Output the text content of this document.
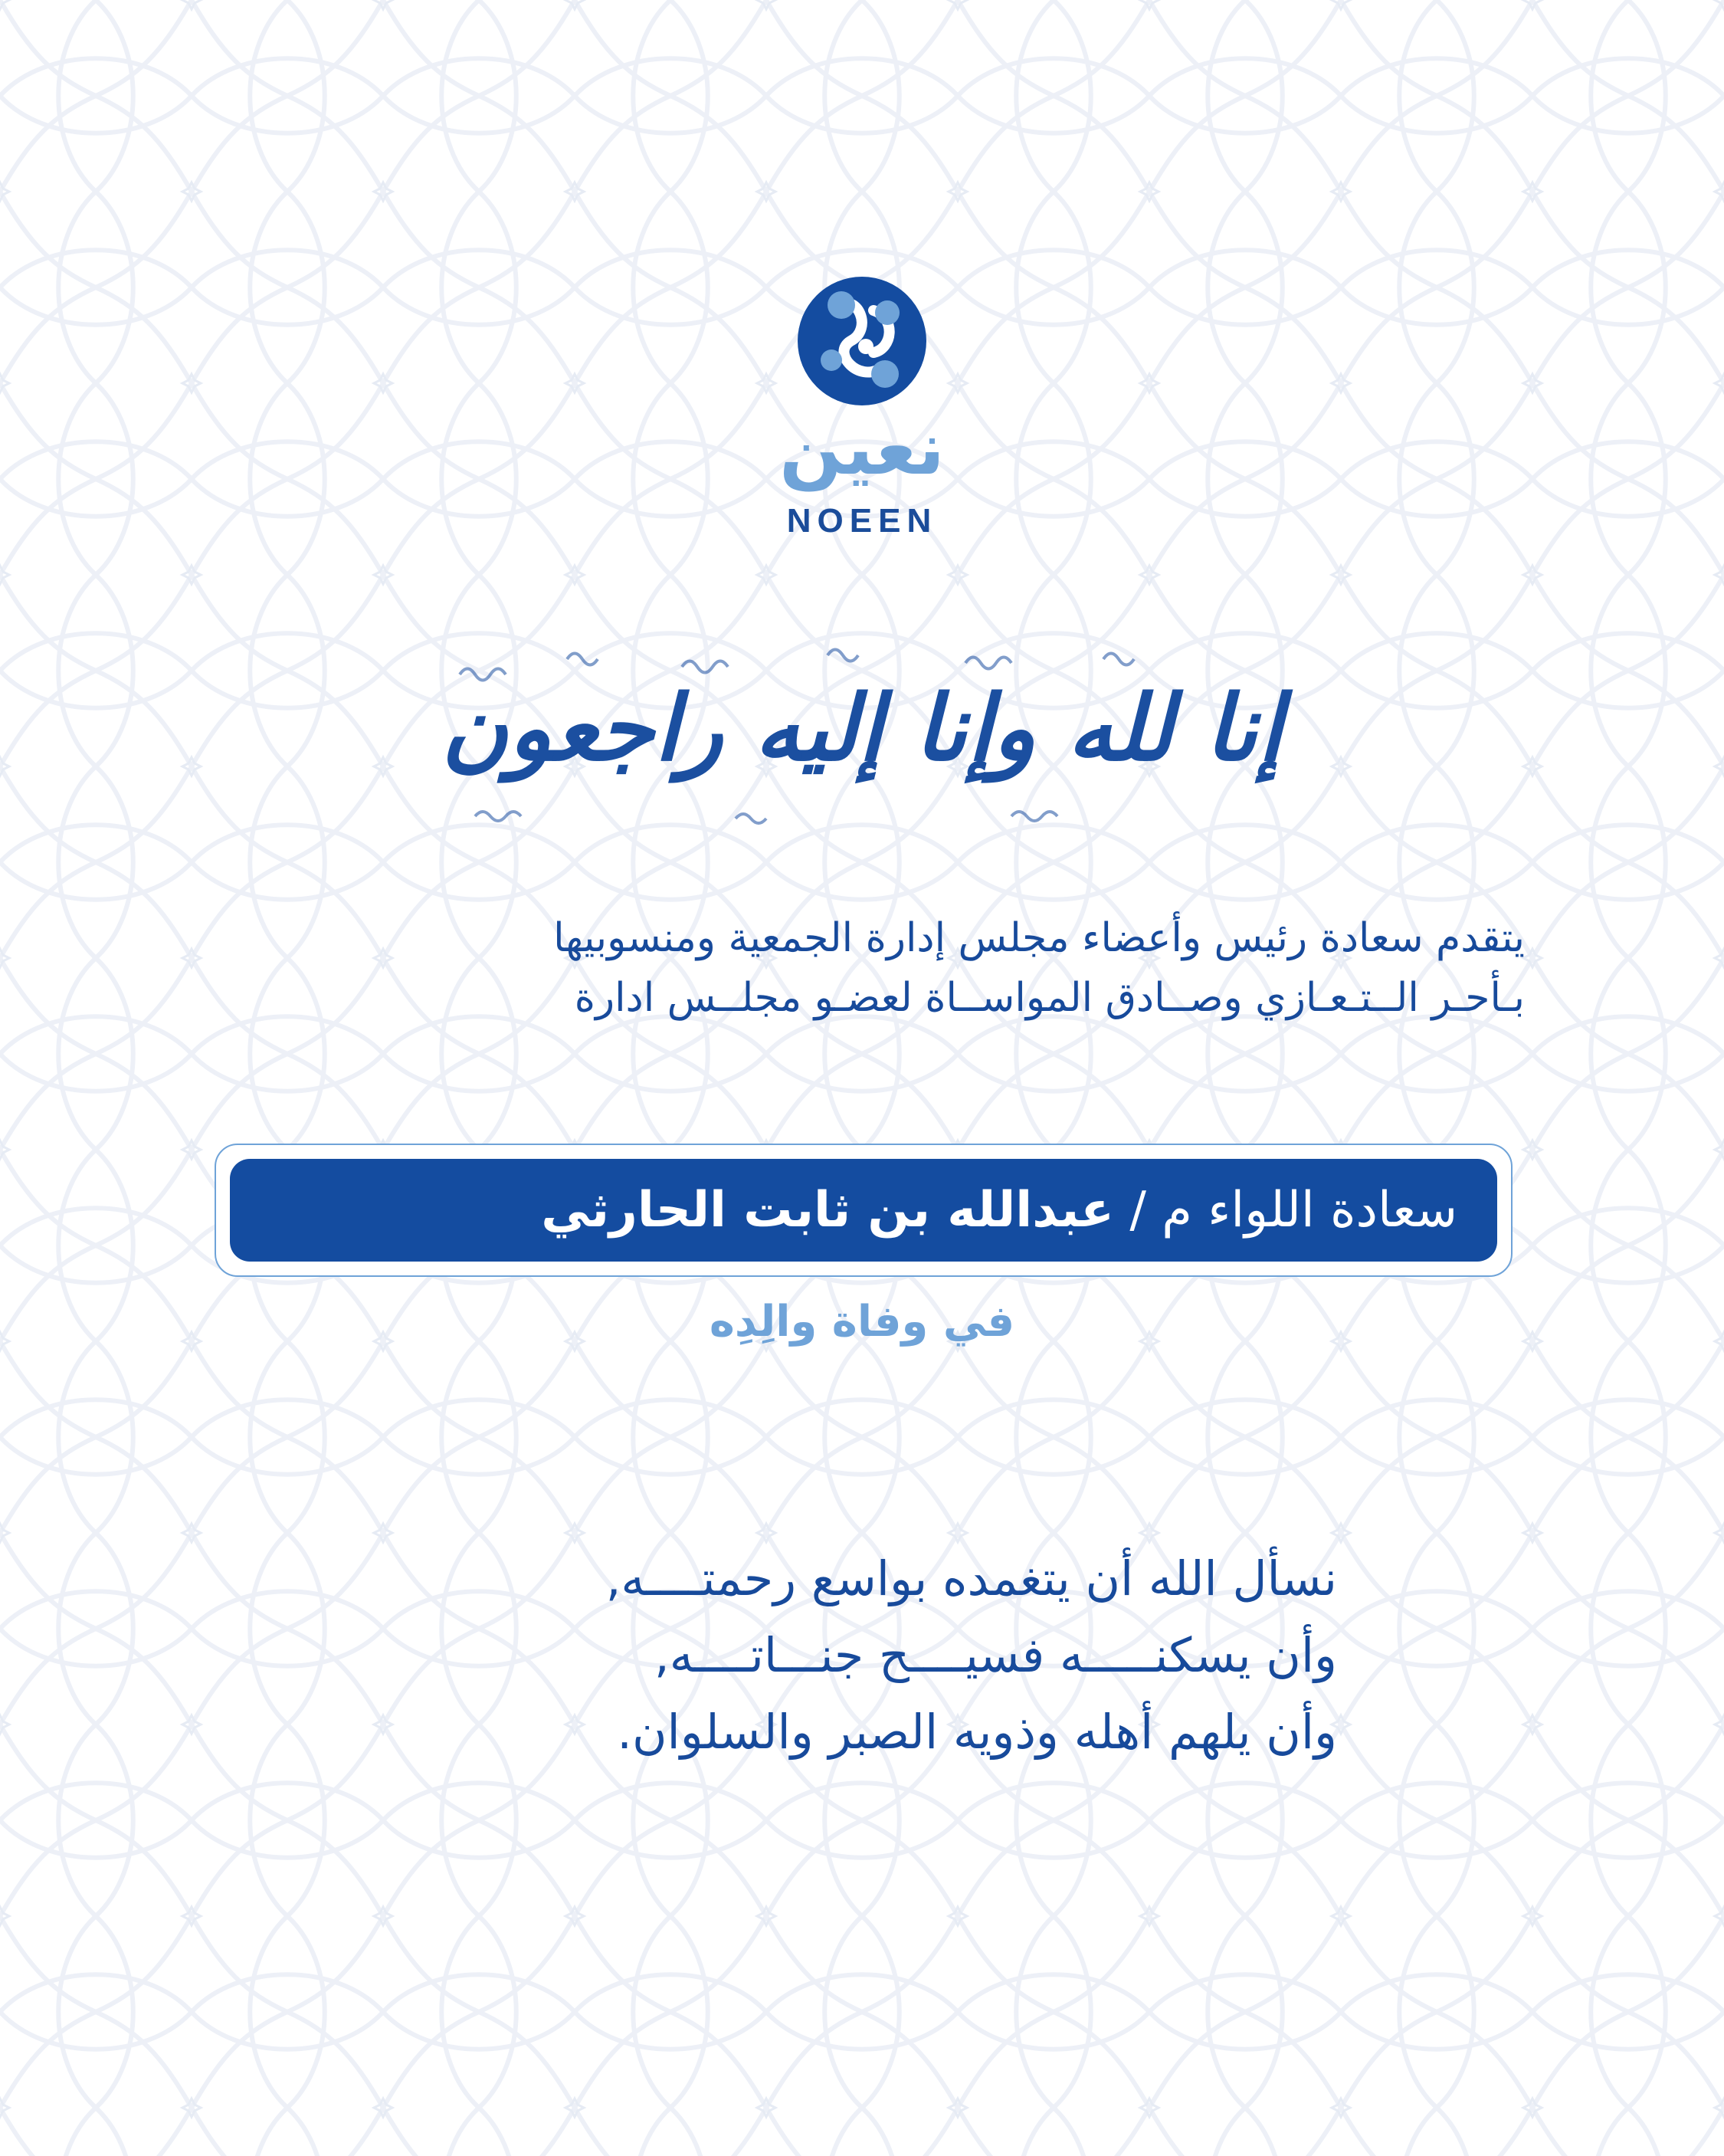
نعين
NOEEN
إنا لله وإنا إليه راجعون
يتقدم سعادة رئيس وأعضاء مجلس إدارة الجمعية ومنسوبيها
بـأحـر الــتـعـازي وصــادق المواســاة لعضـو مجلــس ادارة
سعادة اللواء م / عبدالله بن ثابت الحارثي
في وفاة والِدِه
نسأل الله أن يتغمده بواسع رحمتــــه,
وأن يسكنـــــه فسيــــح جنـــاتــــه,
وأن يلهم أهله وذويه الصبر والسلوان.
